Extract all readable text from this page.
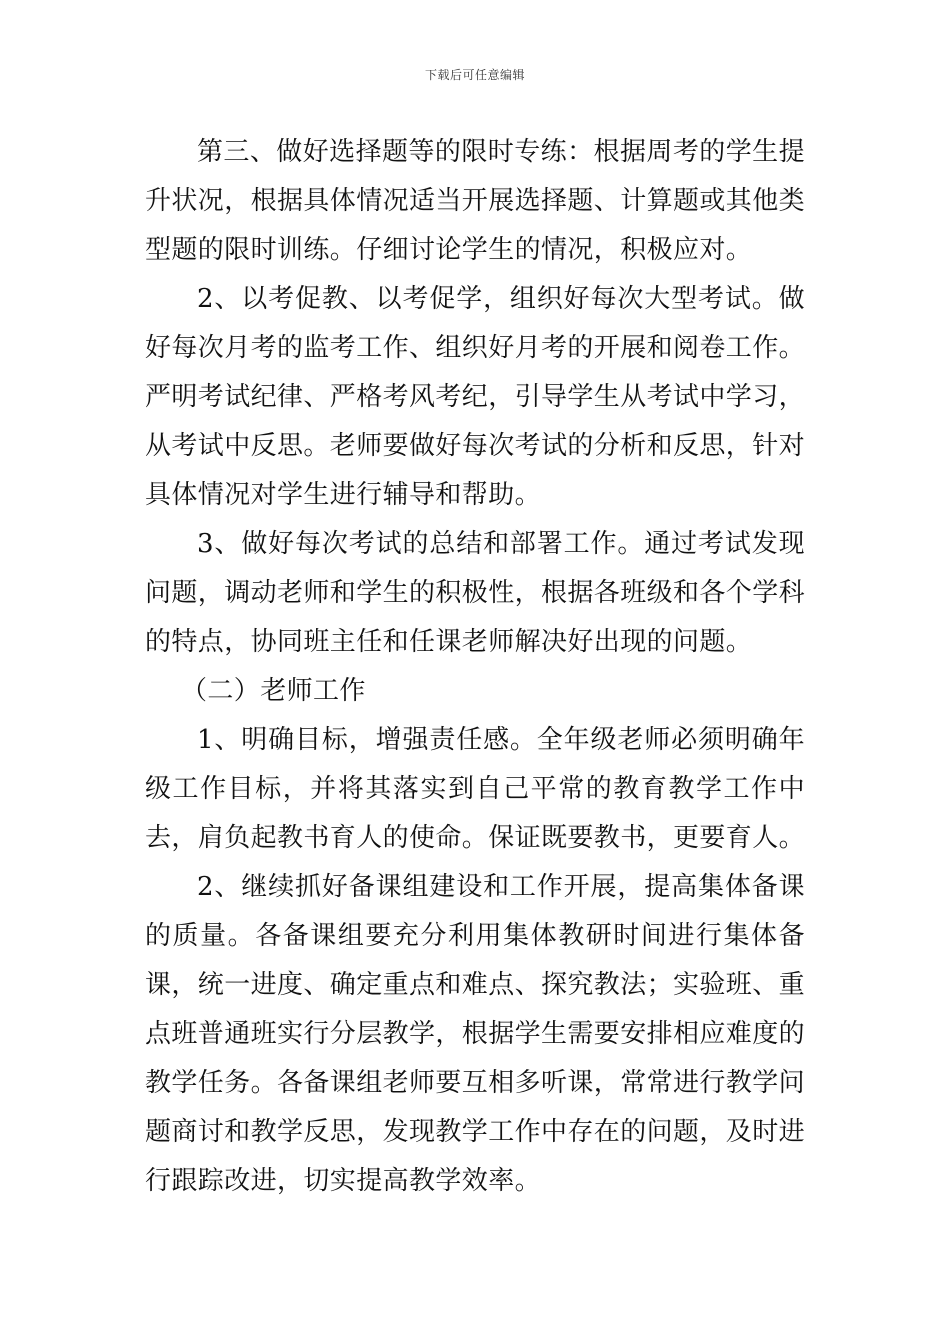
下载后可任意编辑

第三、做好选择题等的限时专练：根据周考的学生提升状况，根据具体情况适当开展选择题、计算题或其他类型题的限时训练。仔细讨论学生的情况，积极应对。

2、以考促教、以考促学，组织好每次大型考试。做好每次月考的监考工作、组织好月考的开展和阅卷工作。严明考试纪律、严格考风考纪，引导学生从考试中学习，从考试中反思。老师要做好每次考试的分析和反思，针对具体情况对学生进行辅导和帮助。

3、做好每次考试的总结和部署工作。通过考试发现问题，调动老师和学生的积极性，根据各班级和各个学科的特点，协同班主任和任课老师解决好出现的问题。

（二）老师工作

1、明确目标，增强责任感。全年级老师必须明确年级工作目标，并将其落实到自己平常的教育教学工作中去，肩负起教书育人的使命。保证既要教书，更要育人。

2、继续抓好备课组建设和工作开展，提高集体备课的质量。各备课组要充分利用集体教研时间进行集体备课，统一进度、确定重点和难点、探究教法；实验班、重点班普通班实行分层教学，根据学生需要安排相应难度的教学任务。各备课组老师要互相多听课，常常进行教学问题商讨和教学反思，发现教学工作中存在的问题，及时进行跟踪改进，切实提高教学效率。
